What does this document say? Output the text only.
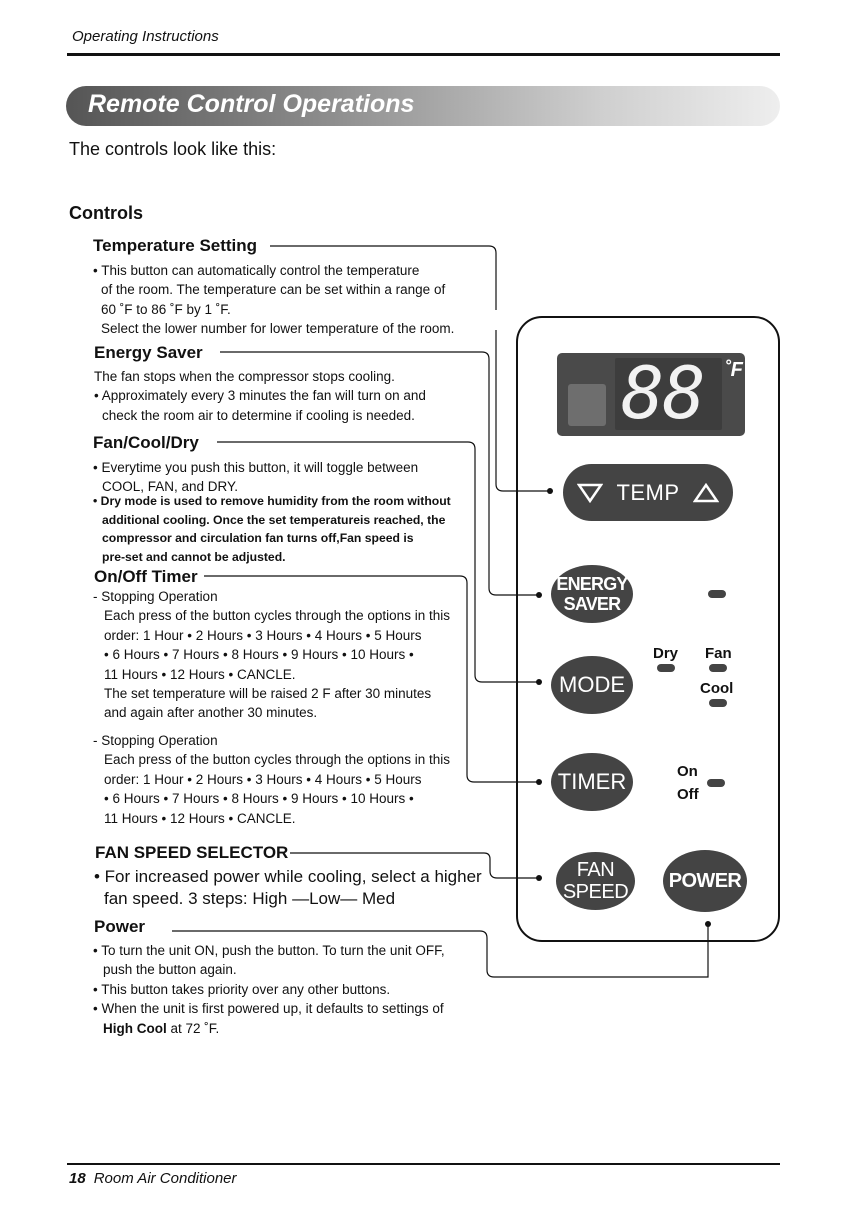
Operating Instructions
Remote Control Operations
The controls look like this:
Controls
Temperature Setting
• This button can automatically control the temperature
of the room. The temperature can be set within a range of
60 ˚F to 86 ˚F by 1 ˚F.
Select the lower number for lower temperature of the room.
Energy Saver
The fan stops when the compressor stops cooling.
• Approximately every 3 minutes the fan will turn on and
check the room air to determine if cooling is needed.
Fan/Cool/Dry
• Everytime you push this button, it will toggle between
COOL, FAN, and DRY.
• Dry mode is used to remove humidity from the room without
additional cooling. Once the set temperatureis reached, the
compressor and circulation fan turns off,Fan speed is
pre-set and cannot be adjusted.
On/Off Timer
- Stopping Operation
Each press of the button cycles through the options in this
order: 1 Hour • 2 Hours • 3 Hours • 4 Hours • 5 Hours
• 6 Hours • 7 Hours • 8 Hours • 9 Hours • 10 Hours •
11 Hours • 12 Hours • CANCLE.
The set temperature will be raised 2 F after 30 minutes
and again after another 30 minutes.
- Stopping Operation
Each press of the button cycles through the options in this
order: 1 Hour • 2 Hours • 3 Hours • 4 Hours • 5 Hours
• 6 Hours • 7 Hours • 8 Hours • 9 Hours • 10 Hours •
11 Hours • 12 Hours • CANCLE.
FAN SPEED SELECTOR
• For increased power while cooling, select a higher
fan speed. 3 steps: High —Low— Med
Power
• To turn the unit ON, push the button. To turn the unit OFF,
push the button again.
• This button takes priority over any other buttons.
• When the unit is first powered up, it defaults to settings of
High Cool at 72 ˚F.
88 ˚F
TEMP
ENERGY
SAVER
MODE
Dry Fan
Cool
TIMER	On
Off
FAN
SPEED
POWER
18 Room Air Conditioner
